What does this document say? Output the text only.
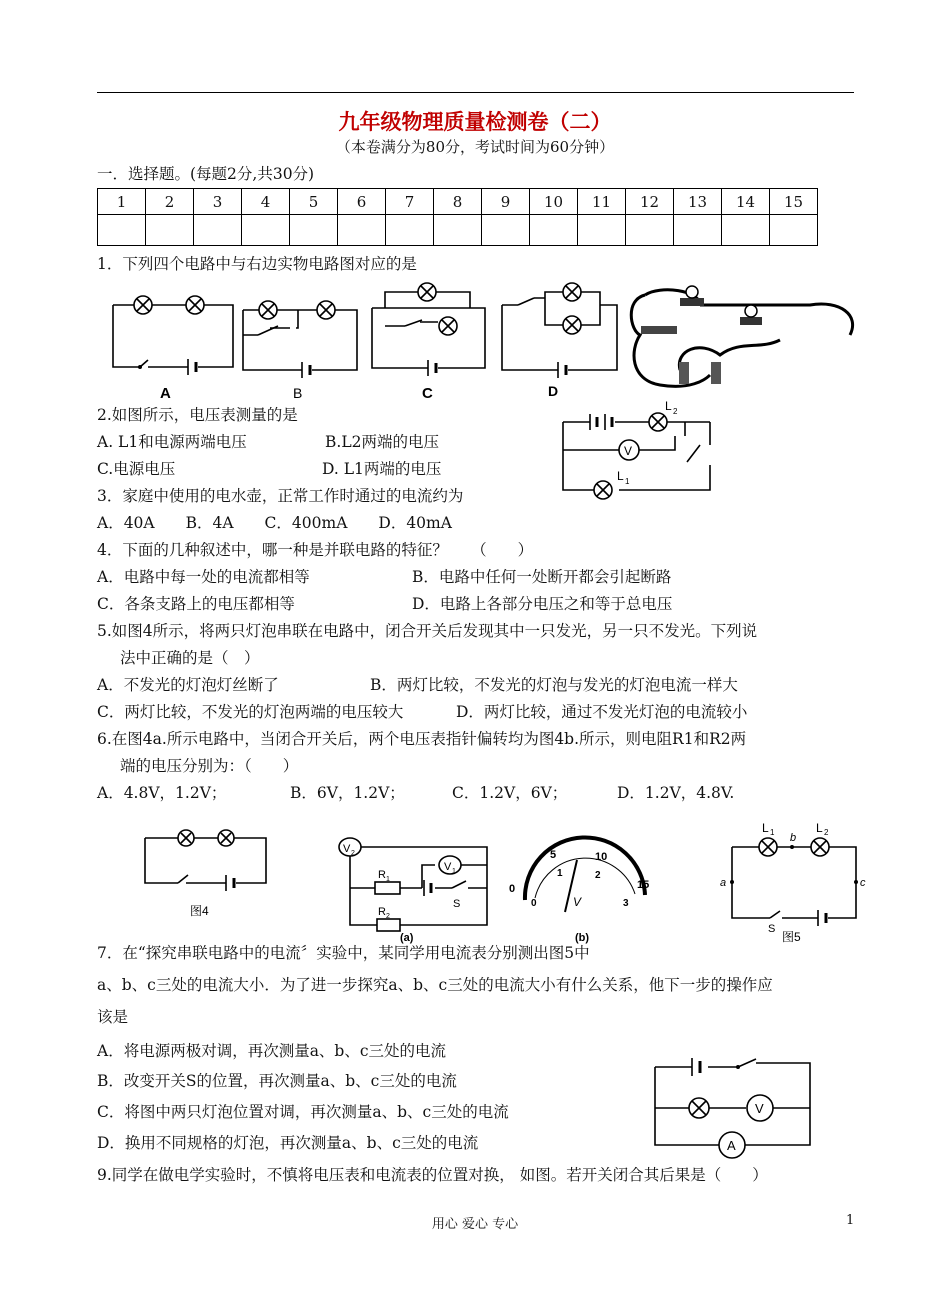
九年级物理质量检测卷（二）
（本卷满分为80分，考试时间为60分钟）
一．选择题。(每题2分,共30分)
1	2	3	4	5	6	7	8	9	10	11	12	13	14	15

1．下列四个电路中与右边实物电路图对应的是
A	B	C	D
2.如图所示，电压表测量的是
A. L1和电源两端电压	B.L2两端的电压
C.电源电压	D. L1两端的电压
V
L 2
L 1
3．家庭中使用的电水壶，正常工作时通过的电流约为
A．40A　　B．4A　　C．400mA　　D．40mA
4．下面的几种叙述中，哪一种是并联电路的特征？　　（　　）
A．电路中每一处的电流都相等	B．电路中任何一处断开都会引起断路
C．各条支路上的电压都相等	D．电路上各部分电压之和等于总电压
5.如图4所示，将两只灯泡串联在电路中，闭合开关后发现其中一只发光，另一只不发光。下列说
法中正确的是（　）
A．不发光的灯泡灯丝断了	B．两灯比较，不发光的灯泡与发光的灯泡电流一样大
C．两灯比较，不发光的灯泡两端的电压较大	D．两灯比较，通过不发光灯泡的电流较小
6.在图4a.所示电路中，当闭合开关后，两个电压表指针偏转均为图4b.所示，则电阻R1和R2两
端的电压分别为：（　　）
A．4.8V，1.2V；	B．6V，1.2V；	C．1.2V，6V；	D．1.2V，4.8V.
图4
V 2
V 1
R 1
R 2
S
(a)
0
5	10
15
0
1	2
3
V
(b)
L 1	L 2
b
a	c
S
图5
7．在“探究串联电路中的电流〞实验中，某同学用电流表分别测出图5中
a、b、c三处的电流大小．为了进一步探究a、b、c三处的电流大小有什么关系，他下一步的操作应
该是
A．将电源两极对调，再次测量a、b、c三处的电流
B．改变开关S的位置，再次测量a、b、c三处的电流
C．将图中两只灯泡位置对调，再次测量a、b、c三处的电流
D．换用不同规格的灯泡，再次测量a、b、c三处的电流
V
A
9.同学在做电学实验时，不慎将电压表和电流表的位置对换， 如图。若开关闭合其后果是（　　）
用心 爱心 专心	1
